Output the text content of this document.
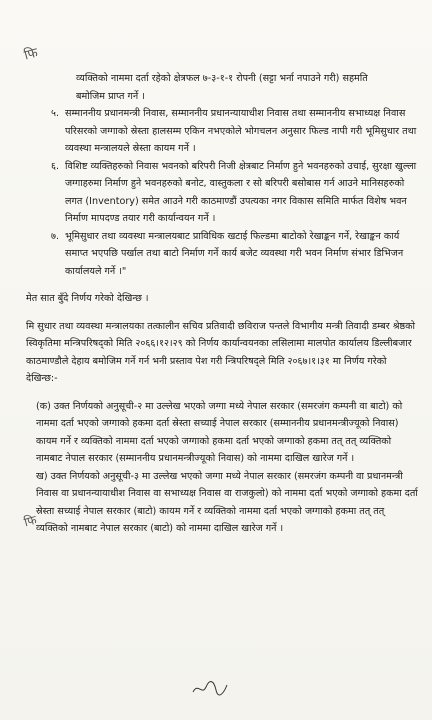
फि

व्यक्तिको नाममा दर्ता रहेको क्षेत्रफल ७-३-१-१ रोपनी (सट्टा भर्ना नपाउने गरी) सहमति

बमोजिम प्राप्त गर्ने ।

५. सम्माननीय प्रधानमन्त्री निवास, सम्माननीय प्रधानन्यायाधीश निवास तथा सम्माननीय सभाध्यक्ष निवास परिसरको जग्गाको स्रेस्ता हालसम्म एकिन नभएकोले भोगचलन अनुसार फिल्ड नापी गरी भूमिसुधार तथा व्यवस्था मन्त्रालयले स्रेस्ता कायम गर्ने ।
६. विशिष्ट व्यक्तिहरुको निवास भवनको बरिपरी निजी क्षेत्रबाट निर्माण हुने भवनहरुको उचाई, सुरक्षा खुल्ला जग्गाहरुमा निर्माण हुने भवनहरुको बनोट, वास्तुकला र सो बरिपरी बसोबास गर्न आउने मानिसहरुको लगत (Inventory) समेत आउने गरी काठमाण्डौं उपत्यका नगर विकास समिति मार्फत विशेष भवन निर्माण मापदण्ड तयार गरी कार्यान्वयन गर्ने ।
७. भूमिसुधार तथा व्यवस्था मन्त्रालयबाट प्राविधिक खटाई फिल्डमा बाटोको रेखाङ्कन गर्ने, रेखाङ्कन कार्य समाप्त भएपछि पर्खाल तथा बाटो निर्माण गर्ने कार्य बजेट व्यवस्था गरी भवन निर्माण संभार डिभिजन कार्यालयले गर्ने ।"

मेत सात बुँदे निर्णय गरेको देखिन्छ ।

मि सुधार तथा व्यवस्था मन्त्रालयका तत्कालीन सचिव प्रतिवादी छविराज पन्तले विभागीय मन्त्री तिवादी डम्बर श्रेष्ठको स्विकृतिमा मन्त्रिपरिषद्को मिति २०६६।१२।२९ को निर्णय कार्यान्वयनका लसिलामा मालपोत कार्यालय डिल्लीबजार काठमाण्डौले देहाय बमोजिम गर्ने गर्न भनी प्रस्ताव पेश गरी न्त्रिपरिषद्ले मिति २०६७।१।३१ मा निर्णय गरेको देखिन्छ:-

(क) उक्त निर्णयको अनुसूची-२ मा उल्लेख भएको जग्गा मध्ये नेपाल सरकार (समरजंग कम्पनी वा बाटो) को नाममा दर्ता भएको जग्गाको हकमा दर्ता स्रेस्ता सच्याई नेपाल सरकार (सम्माननीय प्रधानमन्त्रीज्यूको निवास) कायम गर्ने र व्यक्तिको नाममा दर्ता भएको जग्गाको हकमा दर्ता भएको जग्गाको हकमा तत् तत् व्यक्तिको नामबाट नेपाल सरकार (सम्माननीय प्रधानमन्त्रीज्यूको निवास) को नाममा दाखिल खारेज गर्ने ।

ख) उक्त निर्णयको अनुसूची-३ मा उल्लेख भएको जग्गा मध्ये नेपाल सरकार (समरजंग कम्पनी वा प्रधानमन्त्री निवास वा प्रधानन्यायाधीश निवास वा सभाध्यक्ष निवास वा राजकुलो) को नाममा दर्ता भएको जग्गाको हकमा दर्ता स्रेस्ता सच्याई नेपाल सरकार (बाटो) कायम गर्ने र व्यक्तिको नाममा दर्ता भएको जग्गाको हकमा तत् तत् व्यक्तिको नामबाट नेपाल सरकार (बाटो) को नाममा दाखिल खारेज गर्ने ।

फि
